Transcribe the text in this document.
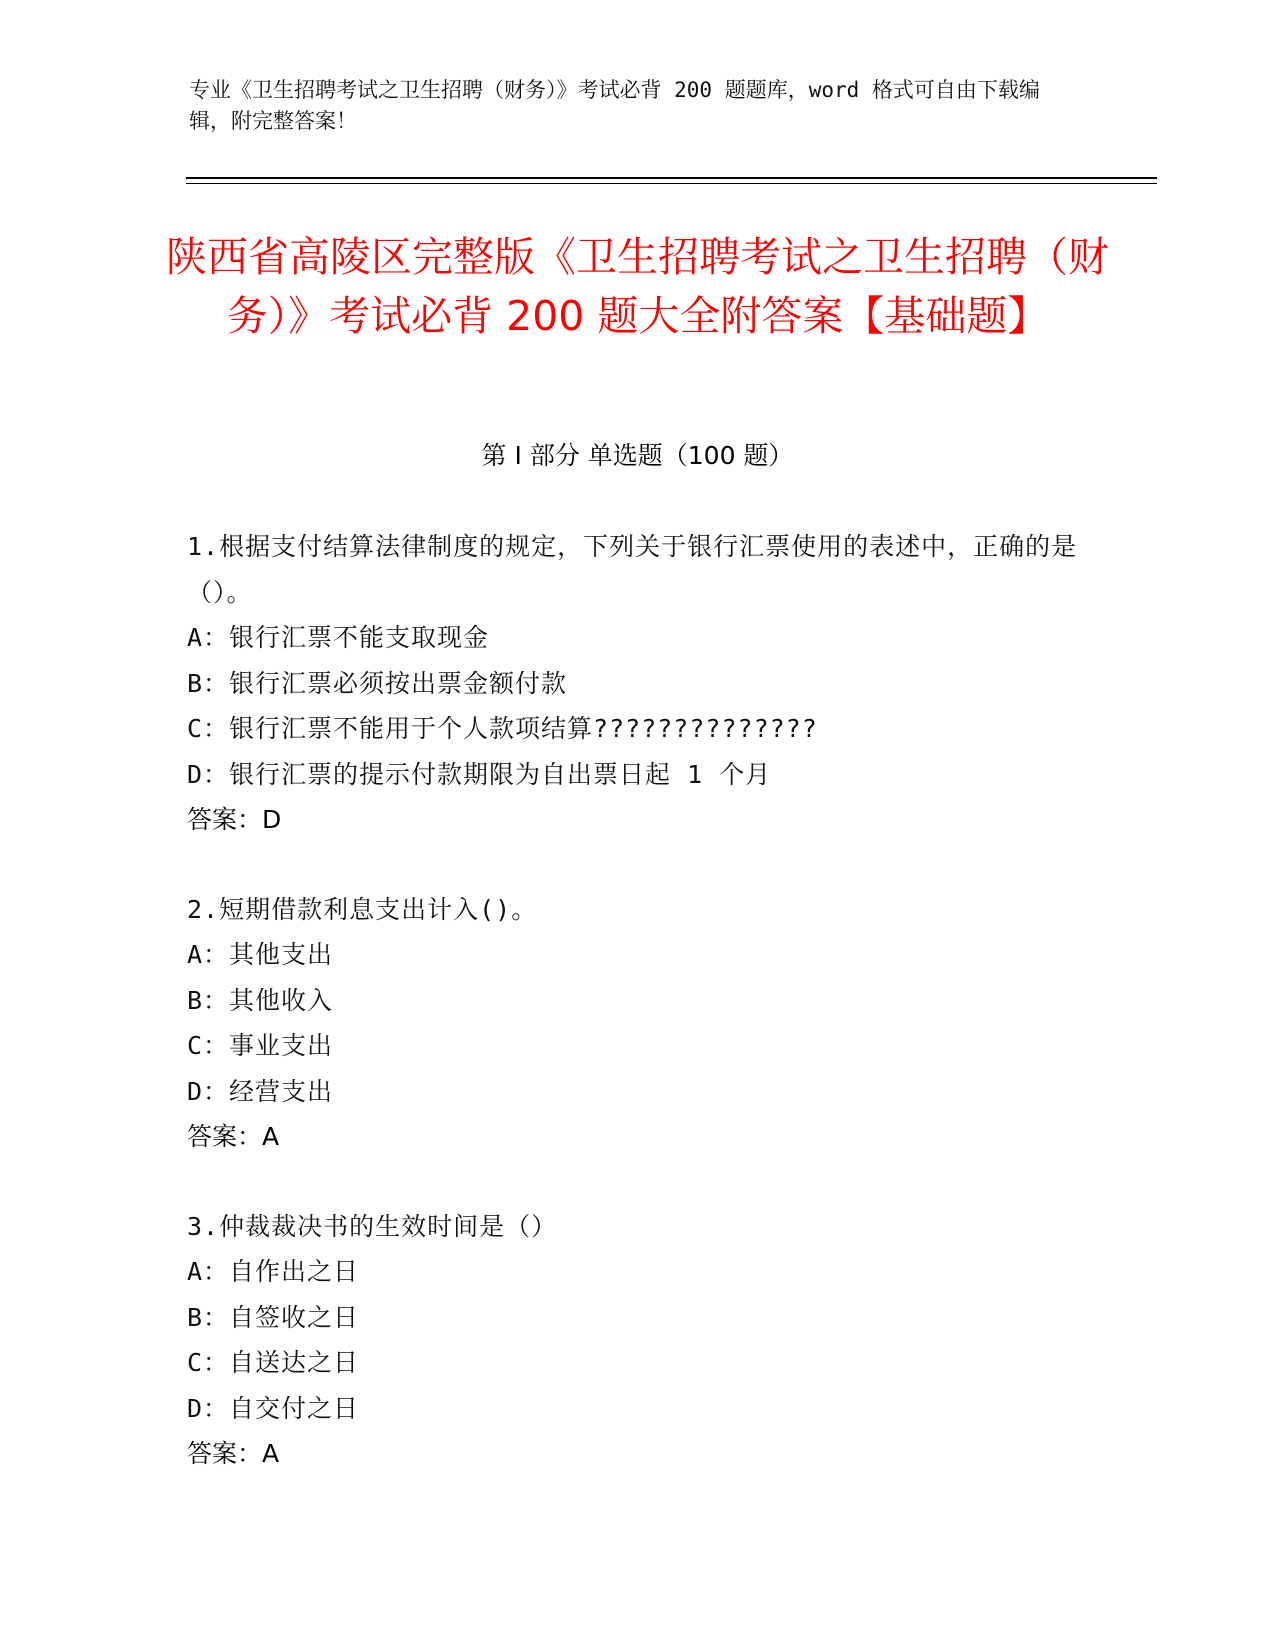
专业《卫生招聘考试之卫生招聘（财务）》考试必背 200 题题库，word 格式可自由下载编辑，附完整答案！
陕西省高陵区完整版《卫生招聘考试之卫生招聘（财务）》考试必背 200 题大全附答案【基础题】
第 I 部分 单选题（100 题）
1.根据支付结算法律制度的规定，下列关于银行汇票使用的表述中，正确的是（）。
A：银行汇票不能支取现金
B：银行汇票必须按出票金额付款
C：银行汇票不能用于个人款项结算??????????????
D：银行汇票的提示付款期限为自出票日起 1 个月
答案：D
2.短期借款利息支出计入()。
A：其他支出
B：其他收入
C：事业支出
D：经营支出
答案：A
3.仲裁裁决书的生效时间是（）
A：自作出之日
B：自签收之日
C：自送达之日
D：自交付之日
答案：A
